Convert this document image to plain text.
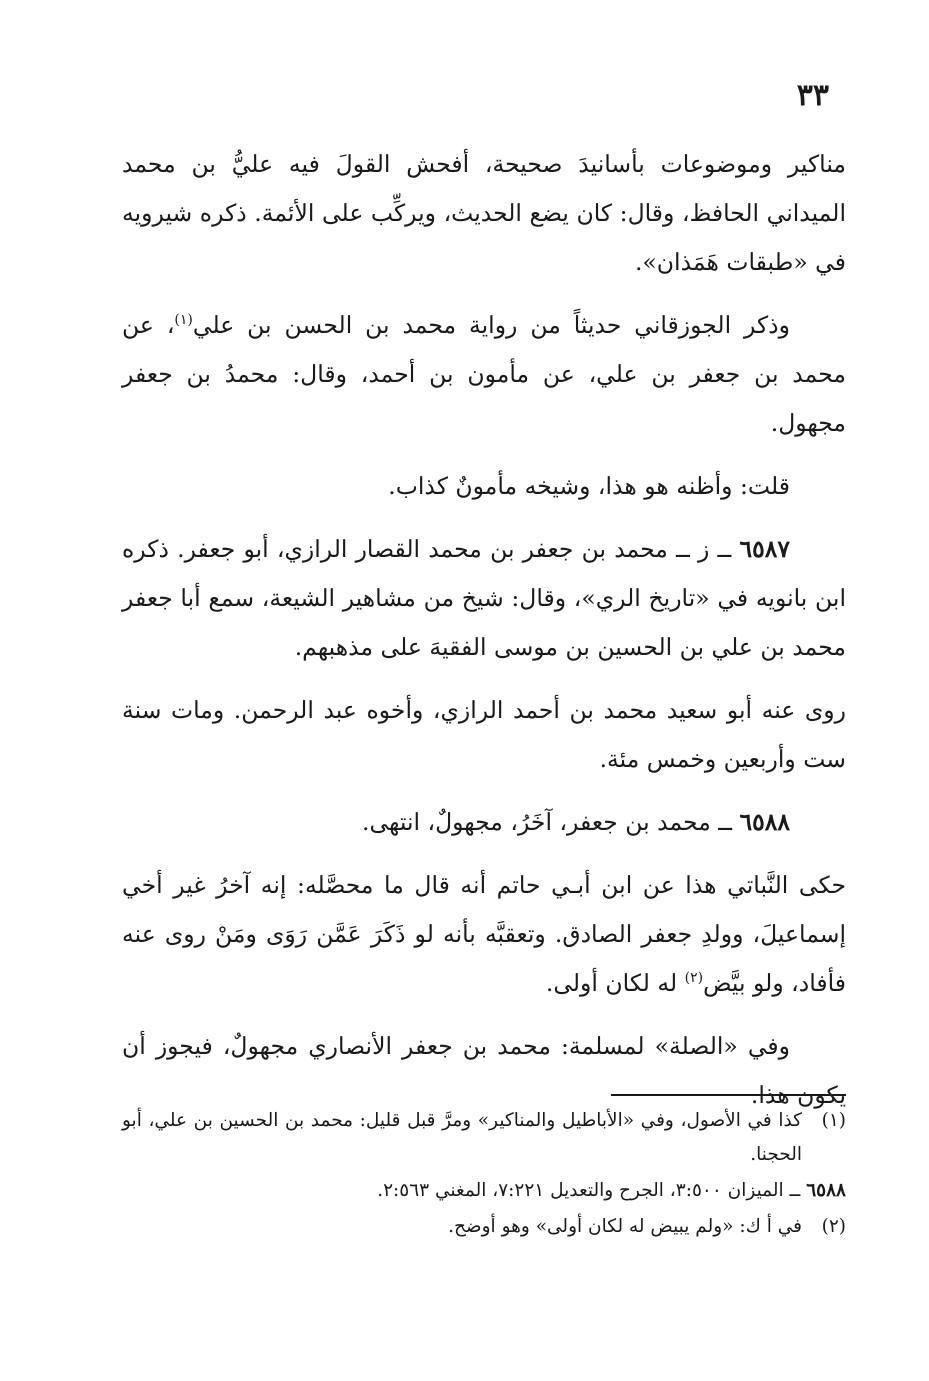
٣٣

مناكير وموضوعات بأسانيدَ صحيحة، أفحش القولَ فيه عليُّ بن محمد الميداني الحافظ، وقال: كان يضع الحديث، ويركِّب على الأئمة. ذكره شيرويه في «طبقات هَمَذان».

وذكر الجوزقاني حديثاً من رواية محمد بن الحسن بن علي$^{(١)}$، عن محمد بن جعفر بن علي، عن مأمون بن أحمد، وقال: محمدُ بن جعفر مجهول.

قلت: وأظنه هو هذا، وشيخه مأمونٌ كذاب.

٦٥٨٧ ــ ز ــ محمد بن جعفر بن محمد القصار الرازي، أبو جعفر. ذكره ابن بانويه في «تاريخ الري»، وقال: شيخ من مشاهير الشيعة، سمع أبا جعفر محمد بن علي بن الحسين بن موسى الفقيهَ على مذهبهم.

روى عنه أبو سعيد محمد بن أحمد الرازي، وأخوه عبد الرحمن. ومات سنة ست وأربعين وخمس مئة.

٦٥٨٨ ــ محمد بن جعفر، آخَرُ، مجهولٌ، انتهى.

حكى النَّباتي هذا عن ابن أبـي حاتم أنه قال ما محصَّله: إنه آخرُ غير أخي إسماعيلَ، وولدِ جعفر الصادق. وتعقبَّه بأنه لو ذَكَرَ عَمَّن رَوَى ومَنْ روى عنه فأفاد، ولو بيَّض$^{(٢)}$ له لكان أولى.

وفي «الصلة» لمسلمة: محمد بن جعفر الأنصاري مجهولٌ، فيجوز أن يكون هذا.

(١)كذا في الأصول، وفي «الأباطيل والمناكير» ومرَّ قبل قليل: محمد بن الحسين بن علي، أبو الحجنا.

٦٥٨٨ ــ الميزان ٣:٥٠٠، الجرح والتعديل ٧:٢٢١، المغني ٢:٥٦٣.

(٢)في أ ك: «ولم يبيض له لكان أولى» وهو أوضح.
